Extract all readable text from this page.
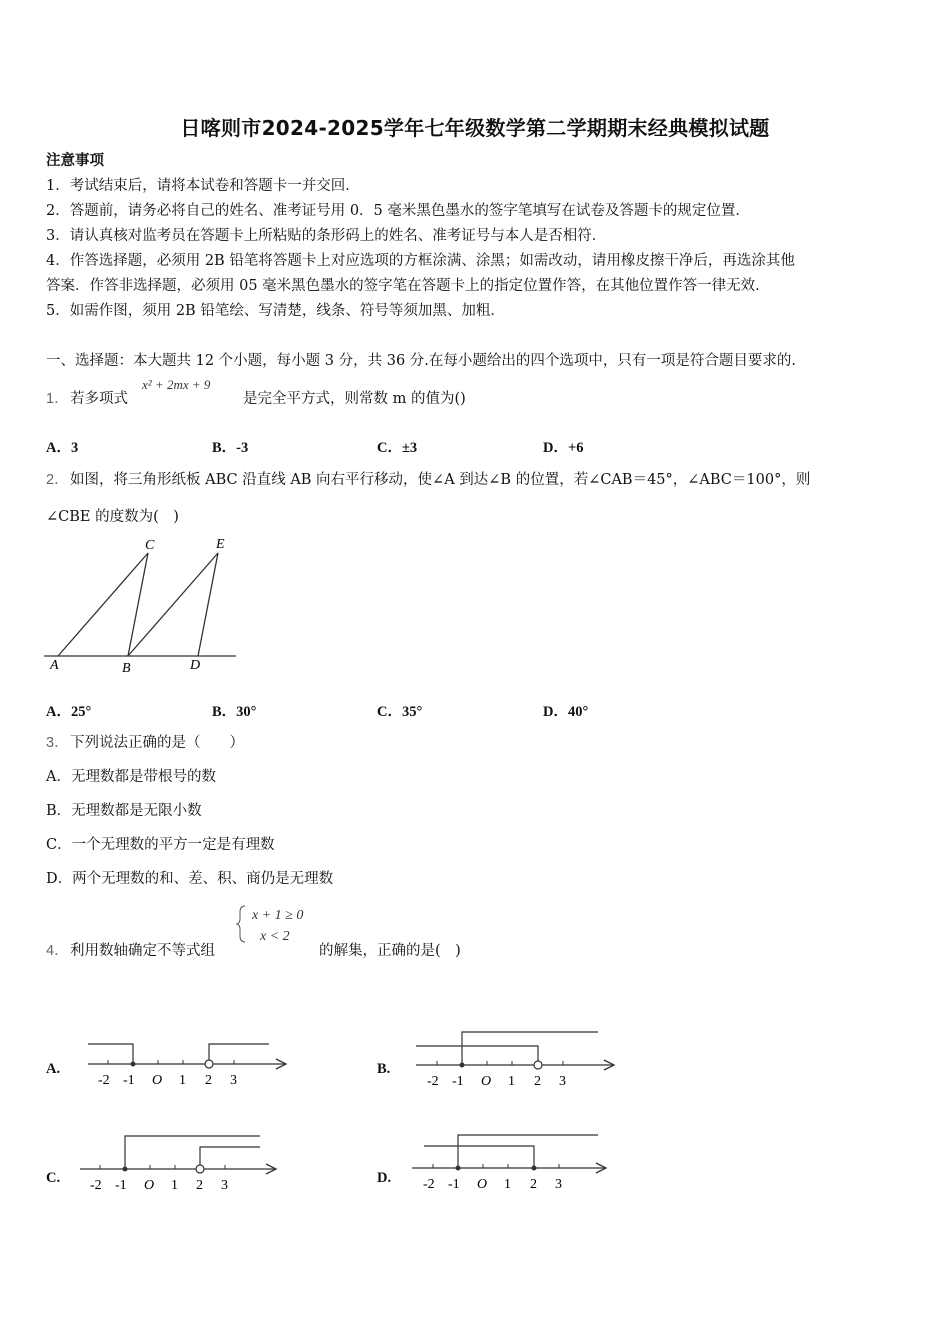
日喀则市2024-2025学年七年级数学第二学期期末经典模拟试题
注意事项
1．考试结束后，请将本试卷和答题卡一并交回．
2．答题前，请务必将自己的姓名、准考证号用 0．5 毫米黑色墨水的签字笔填写在试卷及答题卡的规定位置．
3．请认真核对监考员在答题卡上所粘贴的条形码上的姓名、准考证号与本人是否相符．
4．作答选择题，必须用 2B 铅笔将答题卡上对应选项的方框涂满、涂黑；如需改动，请用橡皮擦干净后，再选涂其他
答案．作答非选择题，必须用 05 毫米黑色墨水的签字笔在答题卡上的指定位置作答，在其他位置作答一律无效．
5．如需作图，须用 2B 铅笔绘、写清楚，线条、符号等须加黑、加粗．
一、选择题：本大题共 12 个小题，每小题 3 分，共 36 分.在每小题给出的四个选项中，只有一项是符合题目要求的.
1． 若多项式
x² + 2mx + 9
是完全平方式，则常数 m 的值为()
A．3	B．-3	C．±3	D．+6
2． 如图，将三角形纸板 ABC 沿直线 AB 向右平行移动，使∠A 到达∠B 的位置，若∠CAB＝45°，∠ABC＝100°，则
∠CBE 的度数为(　)
C	E
A	B	D
A．25°	B．30°	C．35°	D．40°
3． 下列说法正确的是（　　）
A．无理数都是带根号的数
B．无理数都是无限小数
C．一个无理数的平方一定是有理数
D．两个无理数的和、差、积、商仍是无理数
4． 利用数轴确定不等式组
x + 1 ≥ 0
x < 2
的解集，正确的是(　)
A.
-2 -1 O 1 2 3
B.
-2 -1 O 1 2 3
C. -2 -1 O 1 2 3	D. -2 -1 O 1 2 3
